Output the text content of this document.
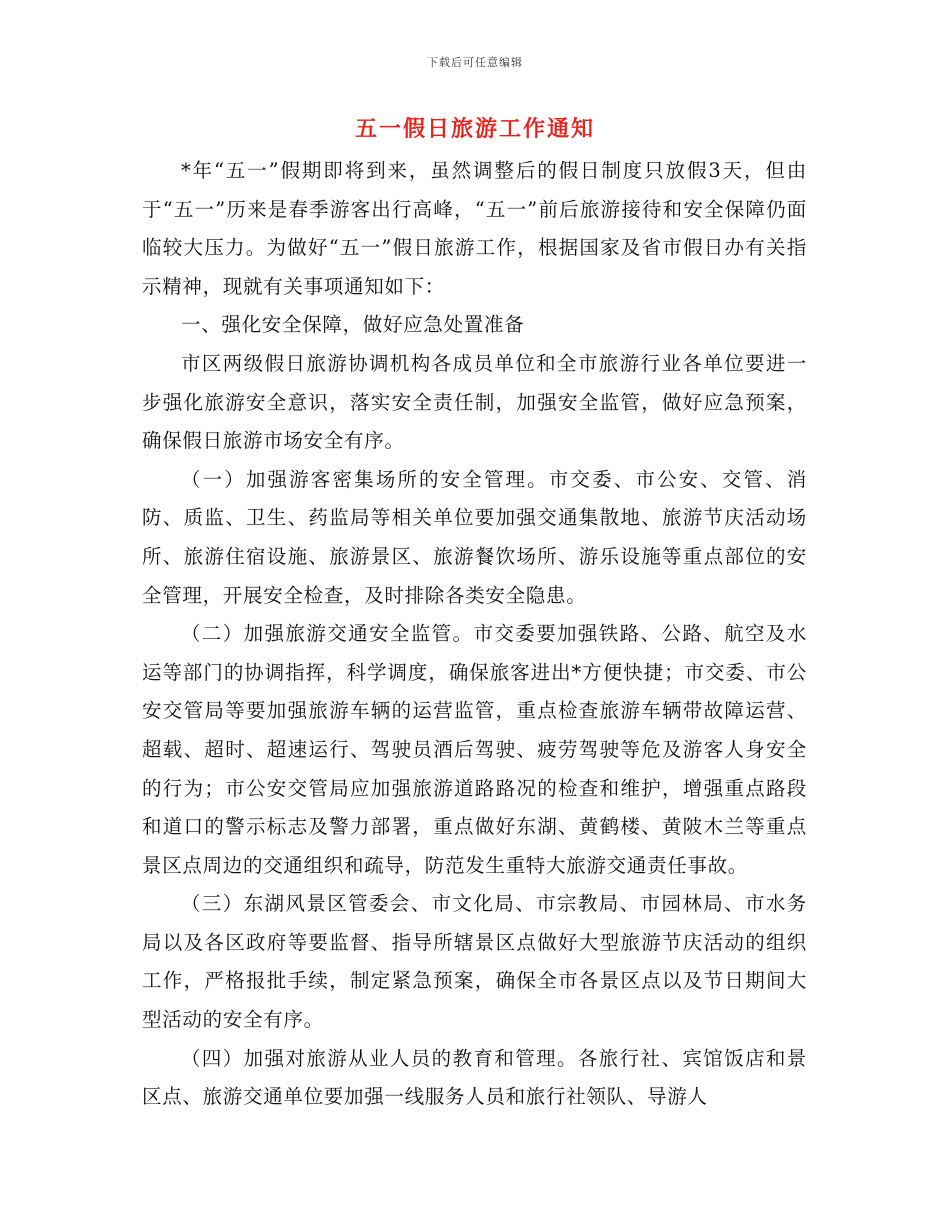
下载后可任意编辑
五一假日旅游工作通知

*年“五一”假期即将到来，虽然调整后的假日制度只放假3天，但由于“五一”历来是春季游客出行高峰，“五一”前后旅游接待和安全保障仍面临较大压力。为做好“五一”假日旅游工作，根据国家及省市假日办有关指示精神，现就有关事项通知如下：

一、强化安全保障，做好应急处置准备

市区两级假日旅游协调机构各成员单位和全市旅游行业各单位要进一步强化旅游安全意识，落实安全责任制，加强安全监管，做好应急预案，确保假日旅游市场安全有序。

（一）加强游客密集场所的安全管理。市交委、市公安、交管、消防、质监、卫生、药监局等相关单位要加强交通集散地、旅游节庆活动场所、旅游住宿设施、旅游景区、旅游餐饮场所、游乐设施等重点部位的安全管理，开展安全检查，及时排除各类安全隐患。

（二）加强旅游交通安全监管。市交委要加强铁路、公路、航空及水运等部门的协调指挥，科学调度，确保旅客进出*方便快捷；市交委、市公安交管局等要加强旅游车辆的运营监管，重点检查旅游车辆带故障运营、超载、超时、超速运行、驾驶员酒后驾驶、疲劳驾驶等危及游客人身安全的行为；市公安交管局应加强旅游道路路况的检查和维护，增强重点路段和道口的警示标志及警力部署，重点做好东湖、黄鹤楼、黄陂木兰等重点景区点周边的交通组织和疏导，防范发生重特大旅游交通责任事故。

（三）东湖风景区管委会、市文化局、市宗教局、市园林局、市水务局以及各区政府等要监督、指导所辖景区点做好大型旅游节庆活动的组织工作，严格报批手续，制定紧急预案，确保全市各景区点以及节日期间大型活动的安全有序。

（四）加强对旅游从业人员的教育和管理。各旅行社、宾馆饭店和景区点、旅游交通单位要加强一线服务人员和旅行社领队、导游人
